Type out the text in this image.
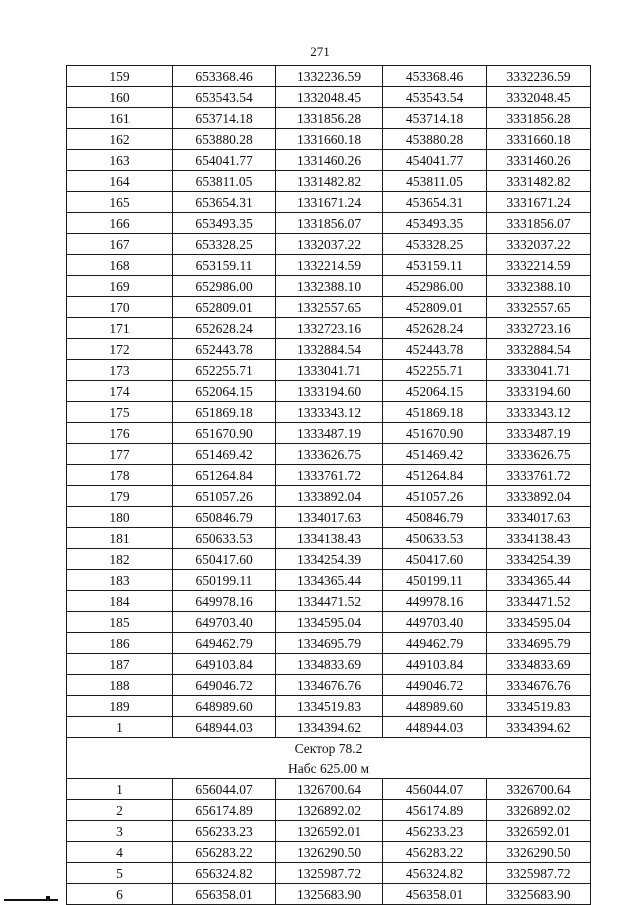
271
159	653368.46	1332236.59	453368.46	3332236.59
160	653543.54	1332048.45	453543.54	3332048.45
161	653714.18	1331856.28	453714.18	3331856.28
162	653880.28	1331660.18	453880.28	3331660.18
163	654041.77	1331460.26	454041.77	3331460.26
164	653811.05	1331482.82	453811.05	3331482.82
165	653654.31	1331671.24	453654.31	3331671.24
166	653493.35	1331856.07	453493.35	3331856.07
167	653328.25	1332037.22	453328.25	3332037.22
168	653159.11	1332214.59	453159.11	3332214.59
169	652986.00	1332388.10	452986.00	3332388.10
170	652809.01	1332557.65	452809.01	3332557.65
171	652628.24	1332723.16	452628.24	3332723.16
172	652443.78	1332884.54	452443.78	3332884.54
173	652255.71	1333041.71	452255.71	3333041.71
174	652064.15	1333194.60	452064.15	3333194.60
175	651869.18	1333343.12	451869.18	3333343.12
176	651670.90	1333487.19	451670.90	3333487.19
177	651469.42	1333626.75	451469.42	3333626.75
178	651264.84	1333761.72	451264.84	3333761.72
179	651057.26	1333892.04	451057.26	3333892.04
180	650846.79	1334017.63	450846.79	3334017.63
181	650633.53	1334138.43	450633.53	3334138.43
182	650417.60	1334254.39	450417.60	3334254.39
183	650199.11	1334365.44	450199.11	3334365.44
184	649978.16	1334471.52	449978.16	3334471.52
185	649703.40	1334595.04	449703.40	3334595.04
186	649462.79	1334695.79	449462.79	3334695.79
187	649103.84	1334833.69	449103.84	3334833.69
188	649046.72	1334676.76	449046.72	3334676.76
189	648989.60	1334519.83	448989.60	3334519.83
1	648944.03	1334394.62	448944.03	3334394.62
Сектор 78.2				
Набс 625.00 м				
1	656044.07	1326700.64	456044.07	3326700.64
2	656174.89	1326892.02	456174.89	3326892.02
3	656233.23	1326592.01	456233.23	3326592.01
4	656283.22	1326290.50	456283.22	3326290.50
5	656324.82	1325987.72	456324.82	3325987.72
6	656358.01	1325683.90	456358.01	3325683.90
